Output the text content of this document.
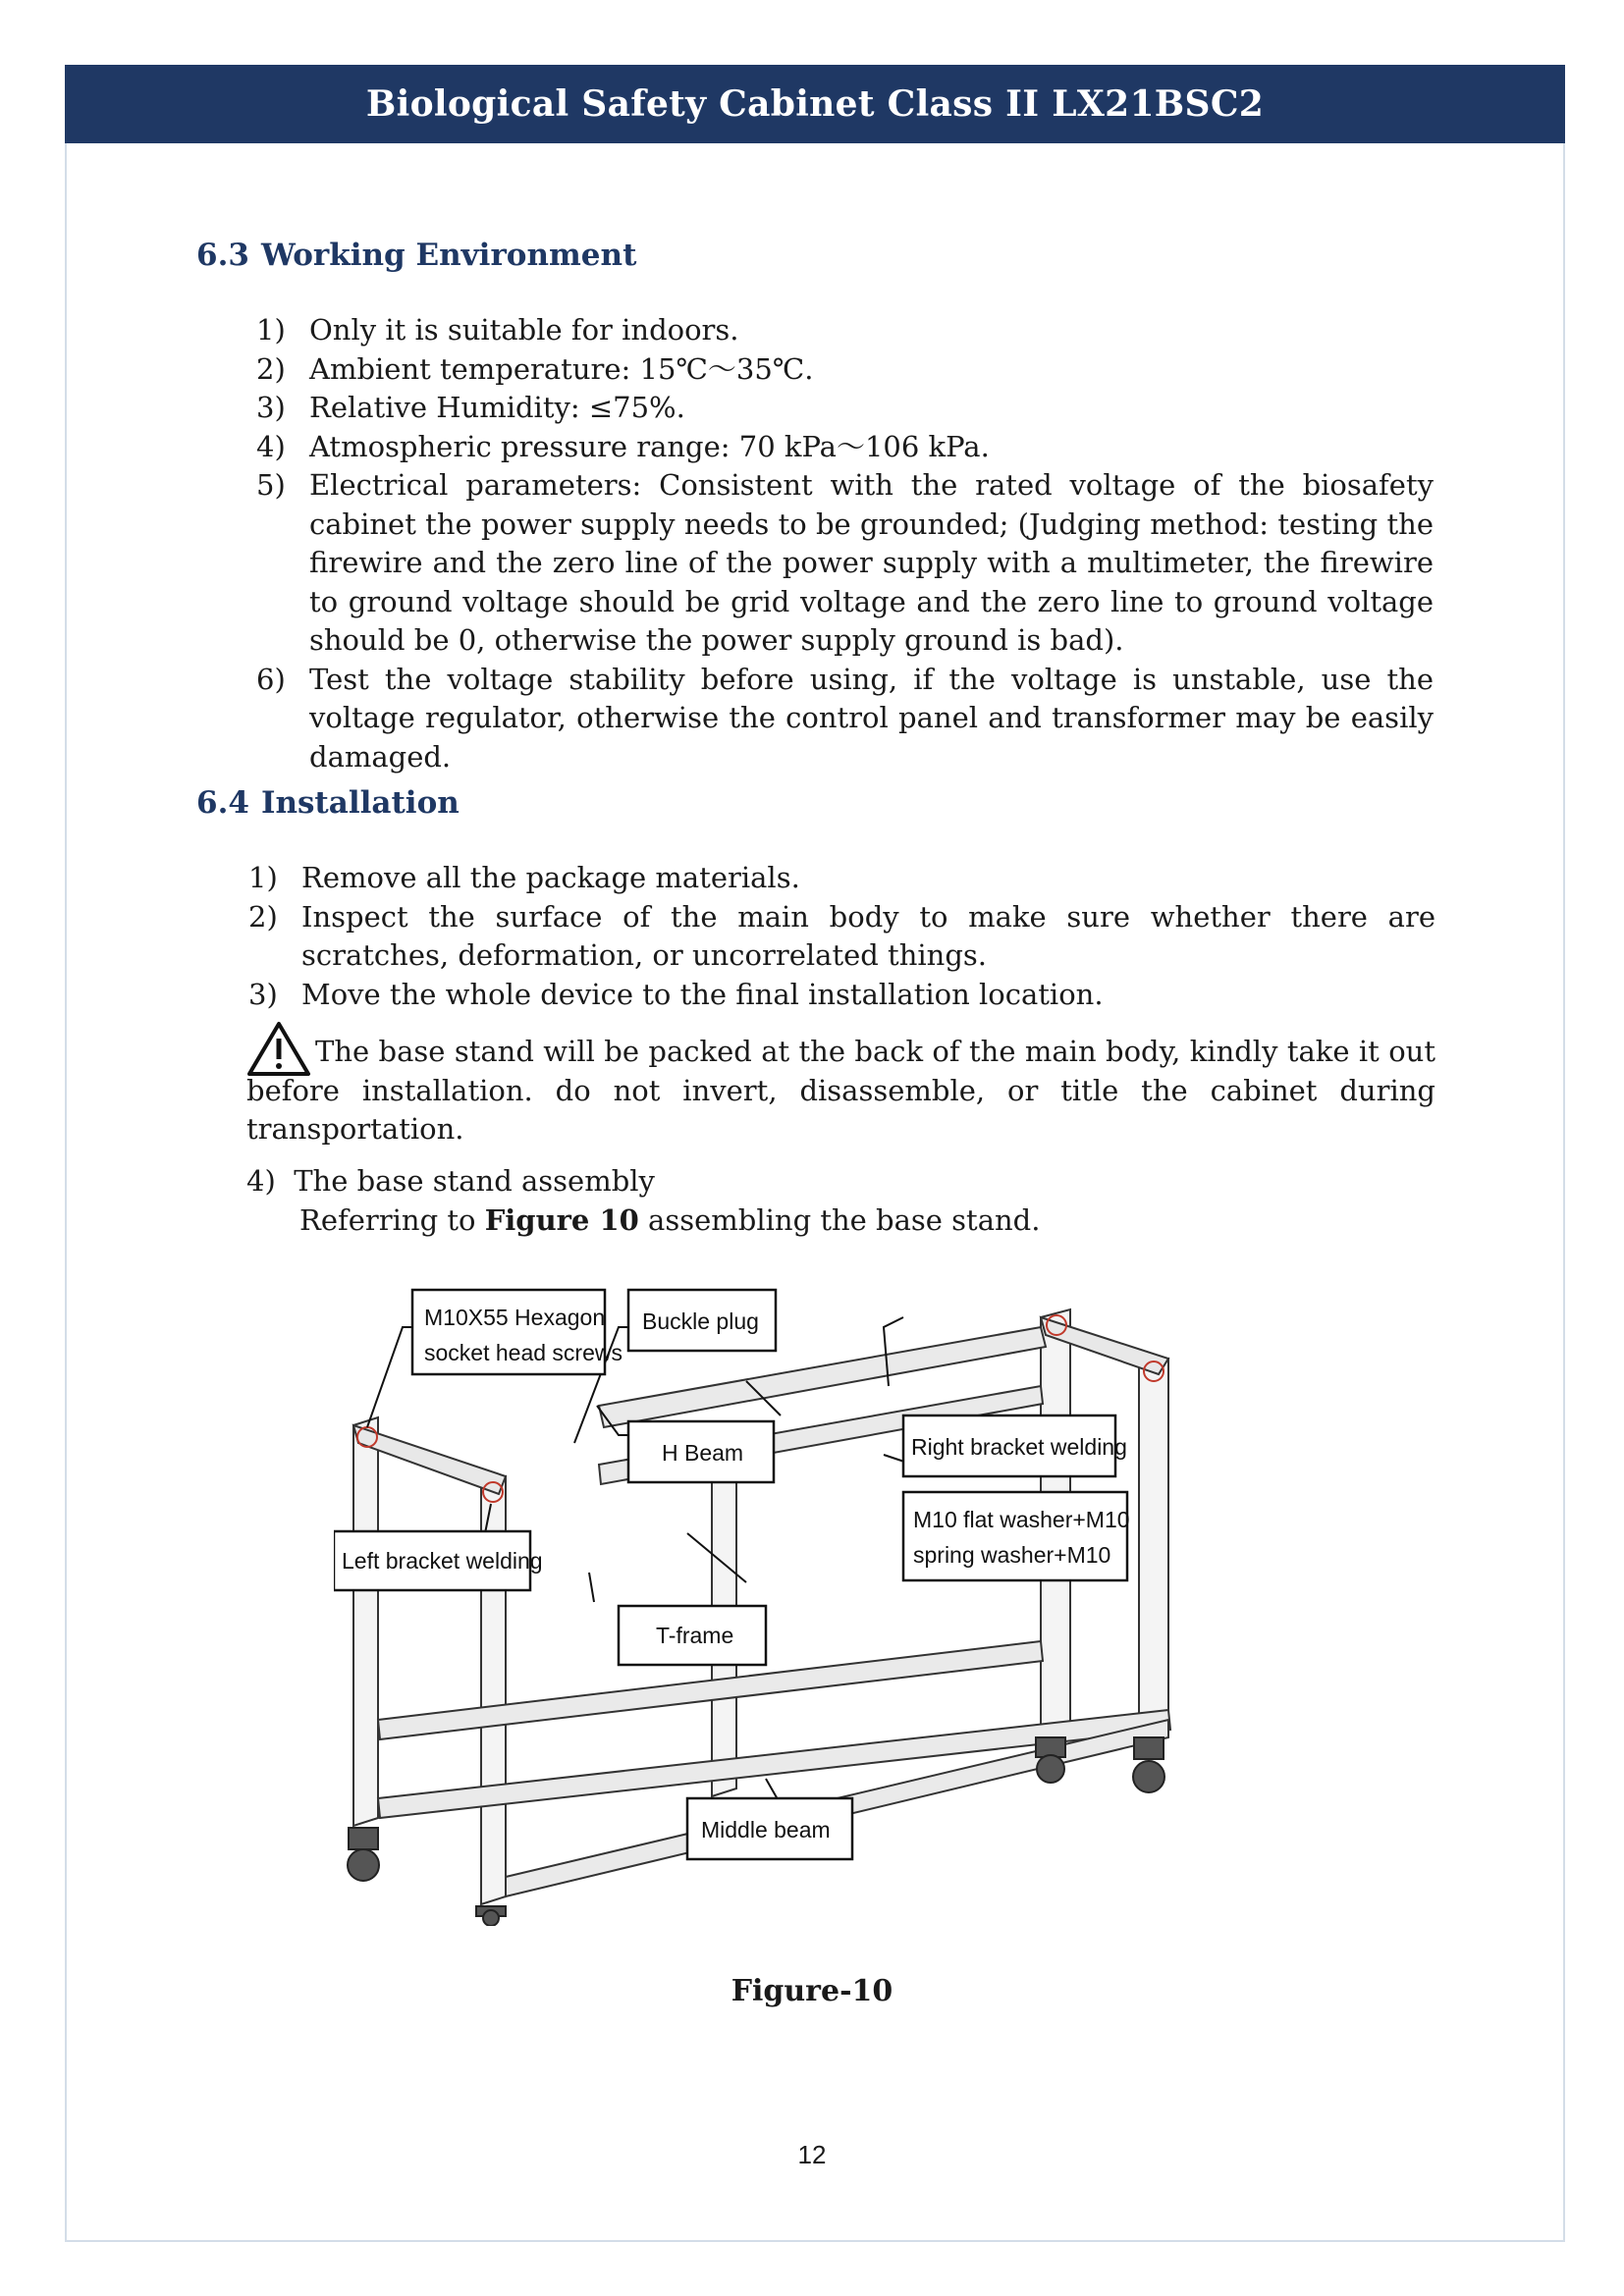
Biological Safety Cabinet Class II LX21BSC2
6.3 Working Environment
1) Only it is suitable for indoors.
2) Ambient temperature: 15℃～35℃.
3) Relative Humidity: ≤75%.
4) Atmospheric pressure range: 70 kPa～106 kPa.
5) Electrical parameters: Consistent with the rated voltage of the biosafety cabinet the power supply needs to be grounded; (Judging method: testing the firewire and the zero line of the power supply with a multimeter, the firewire to ground voltage should be grid voltage and the zero line to ground voltage should be 0, otherwise the power supply ground is bad).
6) Test the voltage stability before using, if the voltage is unstable, use the voltage regulator, otherwise the control panel and transformer may be easily damaged.
6.4 Installation
1) Remove all the package materials.
2) Inspect the surface of the main body to make sure whether there are scratches, deformation, or uncorrelated things.
3) Move the whole device to the final installation location.
The base stand will be packed at the back of the main body, kindly take it out before installation. do not invert, disassemble, or title the cabinet during transportation.
4) The base stand assembly
Referring to Figure 10 assembling the base stand.
M10X55 Hexagon
socket head screws
Buckle plug
Right bracket welding
H Beam
M10 flat washer+M10
spring washer+M10
Left bracket welding
T-frame
Middle beam
Figure-10
12
